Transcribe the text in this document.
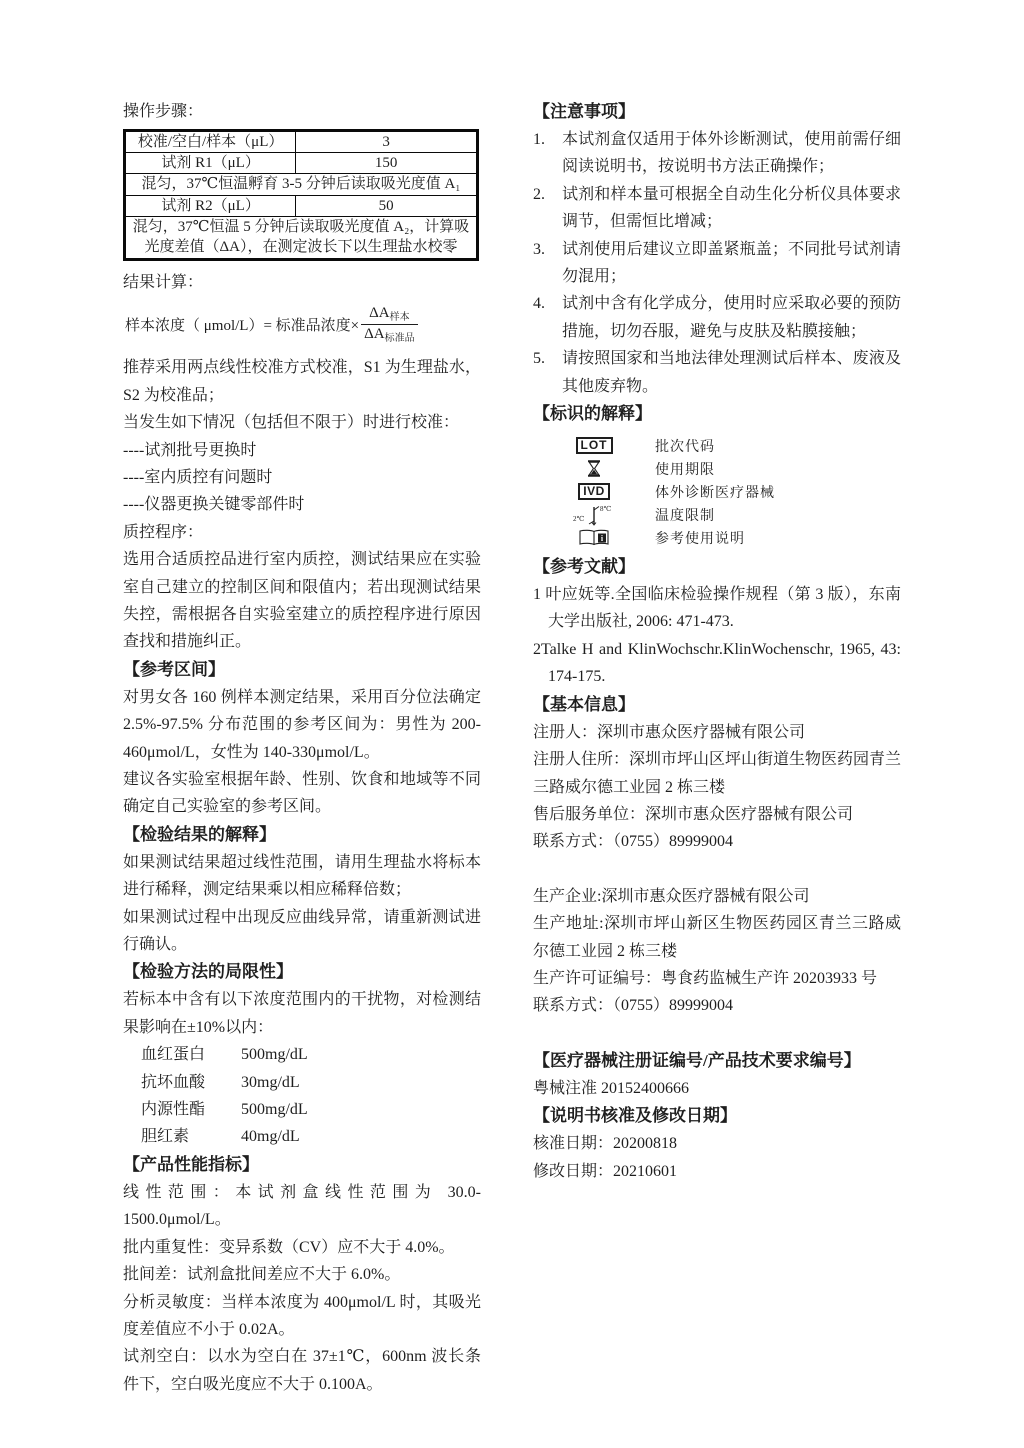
操作步骤：

校准/空白/样本（μL）	3
试剂 R1（μL）	150
混匀，37℃恒温孵育 3-5 分钟后读取吸光度值 A₁	
试剂 R2（μL）	50
混匀，37℃恒温 5 分钟后读取吸光度值 A₂，计算吸光度差值（ΔA），在测定波长下以生理盐水校零	

结果计算：

样本浓度（ μmol/L）= 标准品浓度× $\frac{\Delta A_{样本}}{\Delta A_{标准品}}$

推荐采用两点线性校准方式校准，S1 为生理盐水，S2 为校准品；

当发生如下情况（包括但不限于）时进行校准：

----试剂批号更换时

----室内质控有问题时

----仪器更换关键零部件时

质控程序：

选用合适质控品进行室内质控，测试结果应在实验室自己建立的控制区间和限值内；若出现测试结果失控，需根据各自实验室建立的质控程序进行原因查找和措施纠正。

【参考区间】

对男女各 160 例样本测定结果，采用百分位法确定 2.5%-97.5% 分布范围的参考区间为：男性为 200-460μmol/L，女性为 140-330μmol/L。

建议各实验室根据年龄、性别、饮食和地域等不同确定自己实验室的参考区间。

【检验结果的解释】

如果测试结果超过线性范围，请用生理盐水将标本进行稀释，测定结果乘以相应稀释倍数；

如果测试过程中出现反应曲线异常，请重新测试进行确认。

【检验方法的局限性】

若标本中含有以下浓度范围内的干扰物，对检测结果影响在±10%以内：

血红蛋白	500mg/dL
抗坏血酸	30mg/dL
内源性酯	500mg/dL
胆红素	40mg/dL
【产品性能指标】

线性范围：本试剂盒线性范围为 30.0-1500.0μmol/L。

批内重复性：变异系数（CV）应不大于 4.0%。

批间差：试剂盒批间差应不大于 6.0%。

分析灵敏度：当样本浓度为 400μmol/L 时，其吸光度差值应不小于 0.02A。

试剂空白：以水为空白在 37±1℃，600nm 波长条件下，空白吸光度应不大于 0.100A。

【注意事项】
1.	本试剂盒仅适用于体外诊断测试，使用前需仔细阅读说明书，按说明书方法正确操作；

2.	试剂和样本量可根据全自动生化分析仪具体要求调节，但需恒比增减；

3.	试剂使用后建议立即盖紧瓶盖；不同批号试剂请勿混用；

4.	试剂中含有化学成分，使用时应采取必要的预防措施，切勿吞服，避免与皮肤及粘膜接触；

5.	请按照国家和当地法律处理测试后样本、废液及其他废弃物。

【标识的解释】
LOT	批次代码
使用期限
IVD	体外诊断医疗器械
8℃
2℃	温度限制
i	参考使用说明
【参考文献】

1 叶应妩等.全国临床检验操作规程（第 3 版），东南大学出版社, 2006: 471-473.

2Talke H and KlinWochschr.KlinWochenschr, 1965, 43: 174-175.

【基本信息】

注册人：深圳市惠众医疗器械有限公司

注册人住所：深圳市坪山区坪山街道生物医药园青兰三路威尔德工业园 2 栋三楼

售后服务单位：深圳市惠众医疗器械有限公司

联系方式：（0755）89999004

生产企业:深圳市惠众医疗器械有限公司

生产地址:深圳市坪山新区生物医药园区青兰三路威尔德工业园 2 栋三楼

生产许可证编号：粤食药监械生产许 20203933 号

联系方式：（0755）89999004

【医疗器械注册证编号/产品技术要求编号】

粤械注准 20152400666

【说明书核准及修改日期】

核准日期：20200818

修改日期：20210601
